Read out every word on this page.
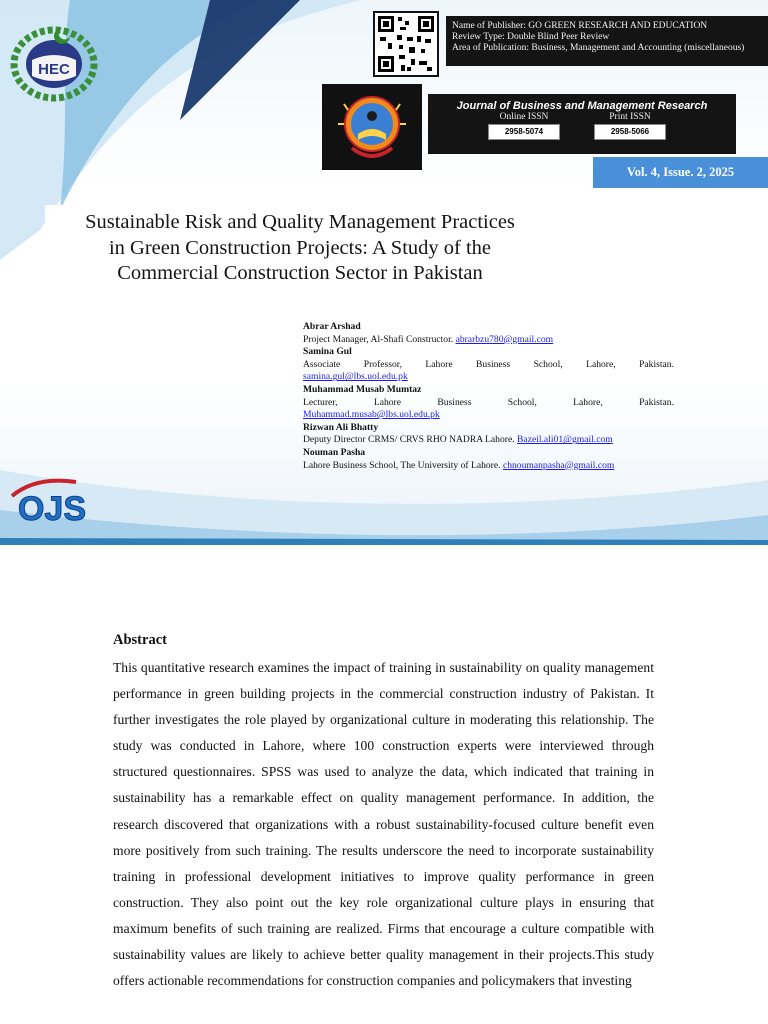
HEC
Name of Publisher: GO GREEN RESEARCH AND EDUCATION
Review Type: Double Blind Peer Review
Area of Publication: Business, Management and Accounting (miscellaneous)
Journal of Business and Management Research
Online ISSN
2958-5074
Print ISSN
2958-5066
Vol. 4, Issue. 2, 2025
Sustainable Risk and Quality Management Practices
in Green Construction Projects: A Study of the
Commercial Construction Sector in Pakistan
Abrar Arshad
Project Manager, Al-Shafi Constructor. abrarbzu780@gmail.com
Samina Gul
Associate Professor, Lahore Business School, Lahore, Pakistan.
samina.gul@lbs.uol.edu.pk
Muhammad Musab Mumtaz
Lecturer, Lahore Business School, Lahore, Pakistan.
Muhammad.musab@lbs.uol.edu.pk
Rizwan Ali Bhatty
Deputy Director CRMS/ CRVS RHO NADRA Lahore. Bazeil.ali01@gmail.com
Nouman Pasha
Lahore Business School, The University of Lahore. chnoumanpasha@gmail.com
OJS
Abstract
This quantitative research examines the impact of training in sustainability on quality management performance in green building projects in the commercial construction industry of Pakistan. It further investigates the role played by organizational culture in moderating this relationship. The study was conducted in Lahore, where 100 construction experts were interviewed through structured questionnaires. SPSS was used to analyze the data, which indicated that training in sustainability has a remarkable effect on quality management performance. In addition, the research discovered that organizations with a robust sustainability-focused culture benefit even more positively from such training. The results underscore the need to incorporate sustainability training in professional development initiatives to improve quality performance in green construction. They also point out the key role organizational culture plays in ensuring that maximum benefits of such training are realized. Firms that encourage a culture compatible with sustainability values are likely to achieve better quality management in their projects.This study offers actionable recommendations for construction companies and policymakers that investing
